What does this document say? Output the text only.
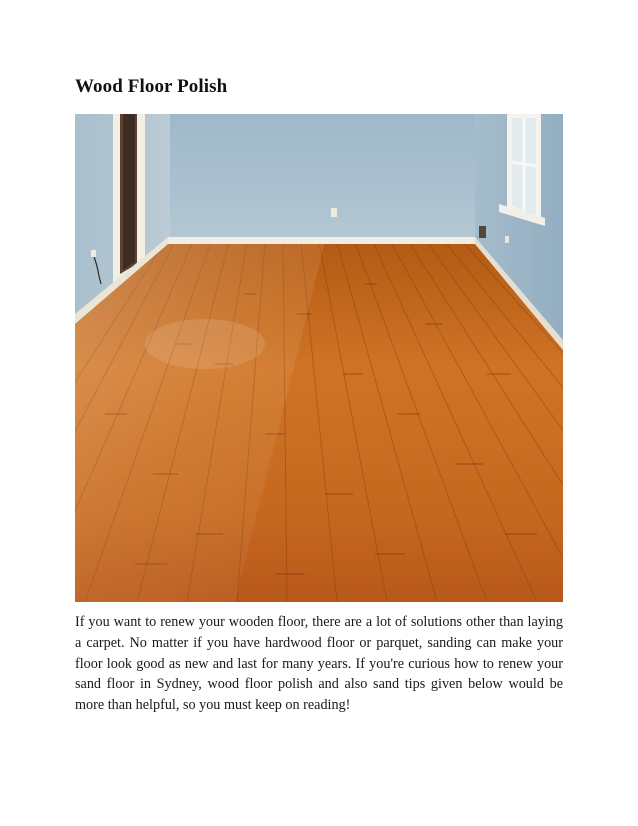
Wood Floor Polish

If you want to renew your wooden floor, there are a lot of solutions other than laying a carpet. No matter if you have hardwood floor or parquet, sanding can make your floor look good as new and last for many years. If you're curious how to renew your sand floor in Sydney, wood floor polish and also sand tips given below would be more than helpful, so you must keep on reading!
